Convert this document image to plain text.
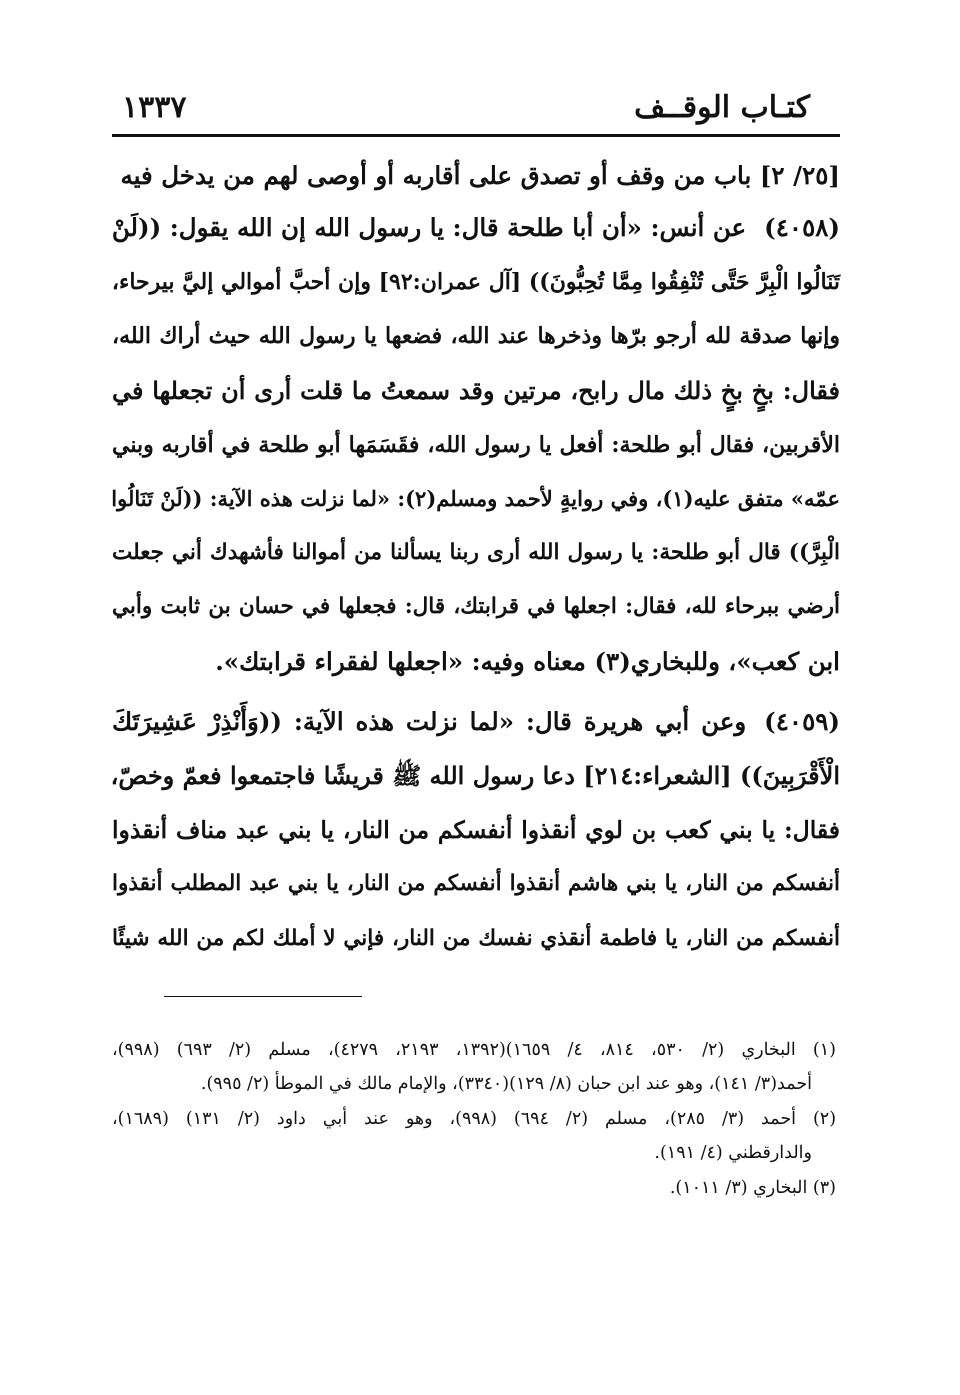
كتـاب الوقــف
١٣٣٧
[٢٥/ ٢] باب من وقف أو تصدق على أقاربه أو أوصى لهم من يدخل فيه
(٤٠٥٨)عن أنس: «أن أبا طلحة قال: يا رسول الله إن الله يقول: ((لَنْ
تَنَالُوا الْبِرَّ حَتَّى تُنْفِقُوا مِمَّا تُحِبُّونَ)) [آل عمران:٩٢] وإن أحبَّ أموالي إليَّ بيرحاء،
وإنها صدقة لله أرجو برّها وذخرها عند الله، فضعها يا رسول الله حيث أراك الله،
فقال: بخٍ بخٍ ذلك مال رابح، مرتين وقد سمعتُ ما قلت أرى أن تجعلها في
الأقربين، فقال أبو طلحة: أفعل يا رسول الله، فقَسَمَها أبو طلحة في أقاربه وبني
عمّه» متفق عليه(١)، وفي روايةٍ لأحمد ومسلم(٢): «لما نزلت هذه الآية: ((لَنْ تَنَالُوا
الْبِرَّ)) قال أبو طلحة: يا رسول الله أرى ربنا يسألنا من أموالنا فأشهدك أني جعلت
أرضي ببرحاء لله، فقال: اجعلها في قرابتك، قال: فجعلها في حسان بن ثابت وأبي
ابن كعب»، وللبخاري(٣) معناه وفيه: «اجعلها لفقراء قرابتك».
(٤٠٥٩)وعن أبي هريرة قال: «لما نزلت هذه الآية: ((وَأَنْذِرْ عَشِيرَتَكَ
الْأَقْرَبِينَ)) [الشعراء:٢١٤] دعا رسول الله ﷺ قريشًا فاجتمعوا فعمّ وخصّ،
فقال: يا بني كعب بن لوي أنقذوا أنفسكم من النار، يا بني عبد مناف أنقذوا
أنفسكم من النار، يا بني هاشم أنقذوا أنفسكم من النار، يا بني عبد المطلب أنقذوا
أنفسكم من النار، يا فاطمة أنقذي نفسك من النار، فإني لا أملك لكم من الله شيئًا
(١) البخاري (٢/ ٥٣٠، ٨١٤، ٤/ ١٦٥٩)(١٣٩٢، ٢١٩٣، ٤٢٧٩)، مسلم (٢/ ٦٩٣) (٩٩٨)،
أحمد(٣/ ١٤١)، وهو عند ابن حبان (٨/ ١٢٩)(٣٣٤٠)، والإمام مالك في الموطأ (٢/ ٩٩٥).
(٢) أحمد (٣/ ٢٨٥)، مسلم (٢/ ٦٩٤) (٩٩٨)، وهو عند أبي داود (٢/ ١٣١) (١٦٨٩)،
والدارقطني (٤/ ١٩١).
(٣) البخاري (٣/ ١٠١١).
